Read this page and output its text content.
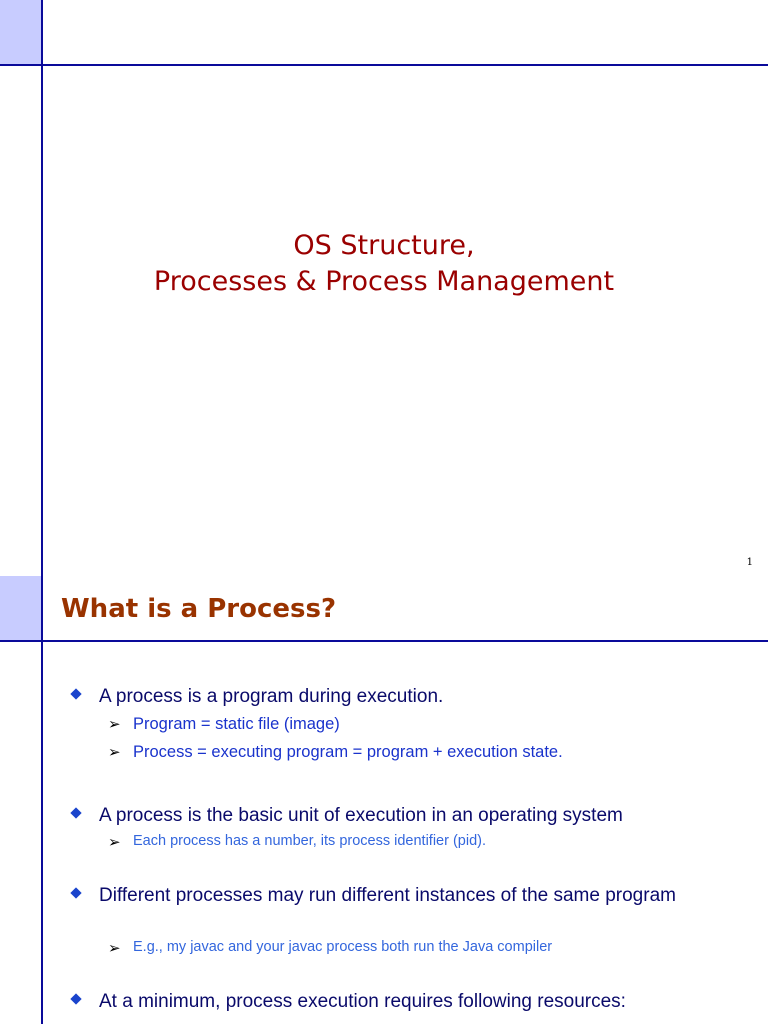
OS Structure,
Processes & Process Management
1
What is a Process?
A process is a program during execution.
➢ Program = static file (image)
➢ Process = executing program = program + execution state.
A process is the basic unit of execution in an operating system
➢ Each process has a number, its process identifier (pid).
Different processes may run different instances of the same program
➢ E.g., my javac and your javac process both run the Java compiler
At a minimum, process execution requires following resources:
